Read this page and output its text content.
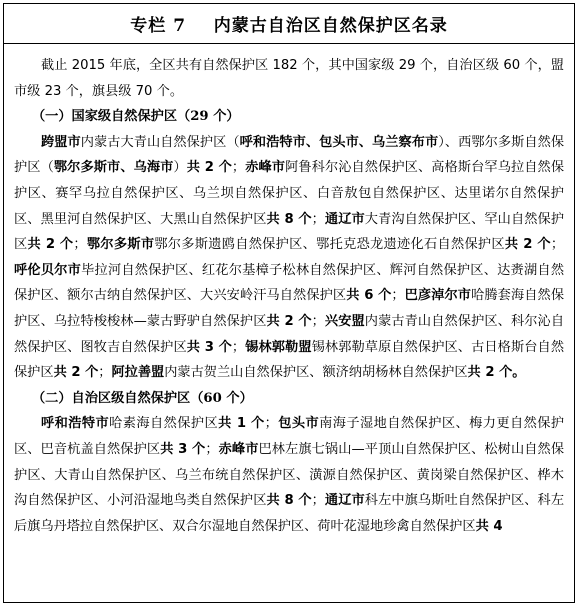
专栏 7    内蒙古自治区自然保护区名录

截止 2015 年底，全区共有自然保护区 182 个，其中国家级 29 个，自治区级 60 个，盟市级 23 个，旗县级 70 个。

（一）国家级自然保护区（29 个）

跨盟市内蒙古大青山自然保护区（呼和浩特市、包头市、乌兰察布市）、西鄂尔多斯自然保护区（鄂尔多斯市、乌海市）共 2 个；赤峰市阿鲁科尔沁自然保护区、高格斯台罕乌拉自然保护区、赛罕乌拉自然保护区、乌兰坝自然保护区、白音敖包自然保护区、达里诺尔自然保护区、黑里河自然保护区、大黑山自然保护区共 8 个；通辽市大青沟自然保护区、罕山自然保护区共 2 个；鄂尔多斯市鄂尔多斯遗鸥自然保护区、鄂托克恐龙遗迹化石自然保护区共 2 个；呼伦贝尔市毕拉河自然保护区、红花尔基樟子松林自然保护区、辉河自然保护区、达赉湖自然保护区、额尔古纳自然保护区、大兴安岭汗马自然保护区共 6 个；巴彦淖尔市哈腾套海自然保护区、乌拉特梭梭林—蒙古野驴自然保护区共 2 个；兴安盟内蒙古青山自然保护区、科尔沁自然保护区、图牧吉自然保护区共 3 个；锡林郭勒盟锡林郭勒草原自然保护区、古日格斯台自然保护区共 2 个；阿拉善盟内蒙古贺兰山自然保护区、额济纳胡杨林自然保护区共 2 个。

（二）自治区级自然保护区（60 个）

呼和浩特市哈素海自然保护区共 1 个；包头市南海子湿地自然保护区、梅力更自然保护区、巴音杭盖自然保护区共 3 个；赤峰市巴林左旗七锅山—平顶山自然保护区、松树山自然保护区、大青山自然保护区、乌兰布统自然保护区、潢源自然保护区、黄岗梁自然保护区、桦木沟自然保护区、小河沿湿地鸟类自然保护区共 8 个；通辽市科左中旗乌斯吐自然保护区、科左后旗乌丹塔拉自然保护区、双合尔湿地自然保护区、荷叶花湿地珍禽自然保护区共 4
